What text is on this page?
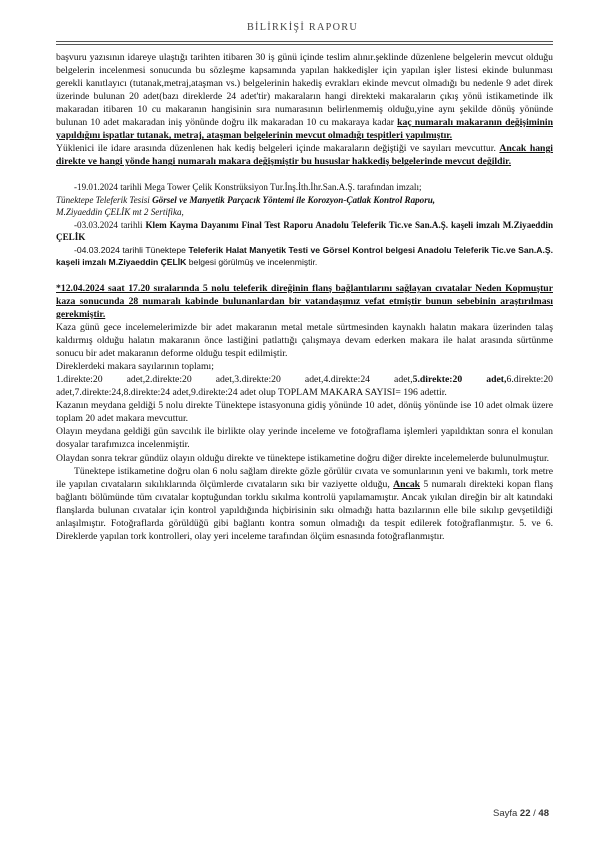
BİLİRKİŞİ RAPORU

başvuru yazısının idareye ulaştığı tarihten itibaren 30 iş günü içinde teslim alınır.şeklinde düzenlene belgelerin mevcut olduğu belgelerin incelenmesi sonucunda bu sözleşme kapsamında yapılan hakkedişler için yapılan işler listesi ekinde bulunması gerekli kanıtlayıcı (tutanak,metraj,ataşman vs.) belgelerinin hakediş evrakları ekinde mevcut olmadığı bu nedenle 9 adet direk üzerinde bulunan 20 adet(bazı direklerde 24 adet'tir) makaraların hangi direkteki makaraların çıkış yönü istikametinde ilk makaradan itibaren 10 cu makaranın hangisinin sıra numarasının belirlenmemiş olduğu,yine aynı şekilde dönüş yönünde bulunan 10 adet makaradan iniş yönünde doğru ilk makaradan 10 cu makaraya kadar kaç numaralı makaranın değişiminin yapıldığını ispatlar tutanak, metraj, ataşman belgelerinin mevcut olmadığı tespitleri yapılmıştır.

Yüklenici ile idare arasında düzenlenen hak kediş belgeleri içinde makaraların değiştiği ve sayıları mevcuttur. Ancak hangi direkte ve hangi yönde hangi numaralı makara değişmiştir bu hususlar hakkediş belgelerinde mevcut değildir.

-19.01.2024 tarihli Mega Tower Çelik Konstrüksiyon Tur.İnş.İth.İhr.San.A.Ş. tarafından imzalı;

Tünektepe Teleferik Tesisi Görsel ve Manyetik Parçacık Yöntemi ile Korozyon-Çatlak Kontrol Raporu,

M.Ziyaeddin ÇELİK mt 2 Sertifika,

-03.03.2024 tarihli Klem Kayma Dayanımı Final Test Raporu Anadolu Teleferik Tic.ve San.A.Ş. kaşeli imzalı M.Ziyaeddin ÇELİK

-04.03.2024 tarihli Tünektepe Teleferik Halat Manyetik Testi ve Görsel Kontrol belgesi Anadolu Teleferik Tic.ve San.A.Ş. kaşeli imzalı M.Ziyaeddin ÇELİK belgesi görülmüş ve incelenmiştir.

*12.04.2024 saat 17.20 sıralarında 5 nolu teleferik direğinin flanş bağlantılarını sağlayan cıvatalar Neden Kopmuştur kaza sonucunda 28 numaralı kabinde bulunanlardan bir vatandaşımız vefat etmiştir bunun sebebinin araştırılması gerekmiştir.

Kaza günü gece incelemelerimizde bir adet makaranın metal metale sürtmesinden kaynaklı halatın makara üzerinden talaş kaldırmış olduğu halatın makaranın önce lastiğini patlattığı çalışmaya devam ederken makara ile halat arasında sürtünme sonucu bir adet makaranın deforme olduğu tespit edilmiştir.

Direklerdeki makara sayılarının toplamı;

1.direkte:20 adet,2.direkte:20 adet,3.direkte:20 adet,4.direkte:24 adet,5.direkte:20 adet,6.direkte:20 adet,7.direkte:24,8.direkte:24 adet,9.direkte:24 adet olup TOPLAM MAKARA SAYISI= 196 adettir.

Kazanın meydana geldiği 5 nolu direkte Tünektepe istasyonuna gidiş yönünde 10 adet, dönüş yönünde ise 10 adet olmak üzere toplam 20 adet makara mevcuttur.

Olayın meydana geldiği gün savcılık ile birlikte olay yerinde inceleme ve fotoğraflama işlemleri yapıldıktan sonra el konulan dosyalar tarafımızca incelenmiştir.

Olaydan sonra tekrar gündüz olayın olduğu direkte ve tünektepe istikametine doğru diğer direkte incelemelerde bulunulmuştur.

Tünektepe istikametine doğru olan 6 nolu sağlam direkte gözle görülür cıvata ve somunlarının yeni ve bakımlı, tork metre ile yapılan cıvataların sıkılıklarında ölçümlerde cıvataların sıkı bir vaziyette olduğu, Ancak 5 numaralı direkteki kopan flanş bağlantı bölümünde tüm cıvatalar koptuğundan torklu sıkılma kontrolü yapılamamıştır. Ancak yıkılan direğin bir alt katındaki flanşlarda bulunan cıvatalar için kontrol yapıldığında hiçbirisinin sıkı olmadığı hatta bazılarının elle bile sıkılıp gevşetildiği anlaşılmıştır. Fotoğraflarda görüldüğü gibi bağlantı kontra somun olmadığı da tespit edilerek fotoğraflanmıştır. 5. ve 6. Direklerde yapılan tork kontrolleri, olay yeri inceleme tarafından ölçüm esnasında fotoğraflanmıştır.

Sayfa 22 / 48
